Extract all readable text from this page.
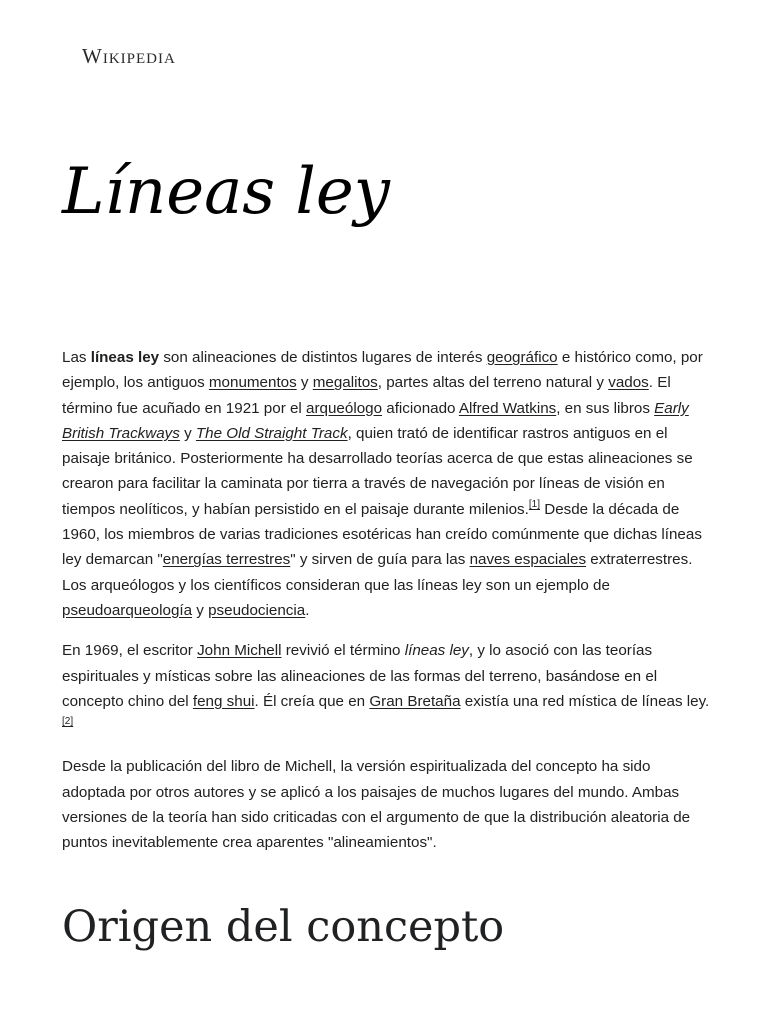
Wikipedia
Líneas ley

Las líneas ley son alineaciones de distintos lugares de interés geográfico e histórico como, por ejemplo, los antiguos monumentos y megalitos, partes altas del terreno natural y vados. El término fue acuñado en 1921 por el arqueólogo aficionado Alfred Watkins, en sus libros Early British Trackways y The Old Straight Track, quien trató de identificar rastros antiguos en el paisaje británico. Posteriormente ha desarrollado teorías acerca de que estas alineaciones se crearon para facilitar la caminata por tierra a través de navegación por líneas de visión en tiempos neolíticos, y habían persistido en el paisaje durante milenios.[1] Desde la década de 1960, los miembros de varias tradiciones esotéricas han creído comúnmente que dichas líneas ley demarcan "energías terrestres" y sirven de guía para las naves espaciales extraterrestres. Los arqueólogos y los científicos consideran que las líneas ley son un ejemplo de pseudoarqueología y pseudociencia.

En 1969, el escritor John Michell revivió el término líneas ley, y lo asoció con las teorías espirituales y místicas sobre las alineaciones de las formas del terreno, basándose en el concepto chino del feng shui. Él creía que en Gran Bretaña existía una red mística de líneas ley.[2]

Desde la publicación del libro de Michell, la versión espiritualizada del concepto ha sido adoptada por otros autores y se aplicó a los paisajes de muchos lugares del mundo. Ambas versiones de la teoría han sido criticadas con el argumento de que la distribución aleatoria de puntos inevitablemente crea aparentes "alineamientos".

Origen del concepto
